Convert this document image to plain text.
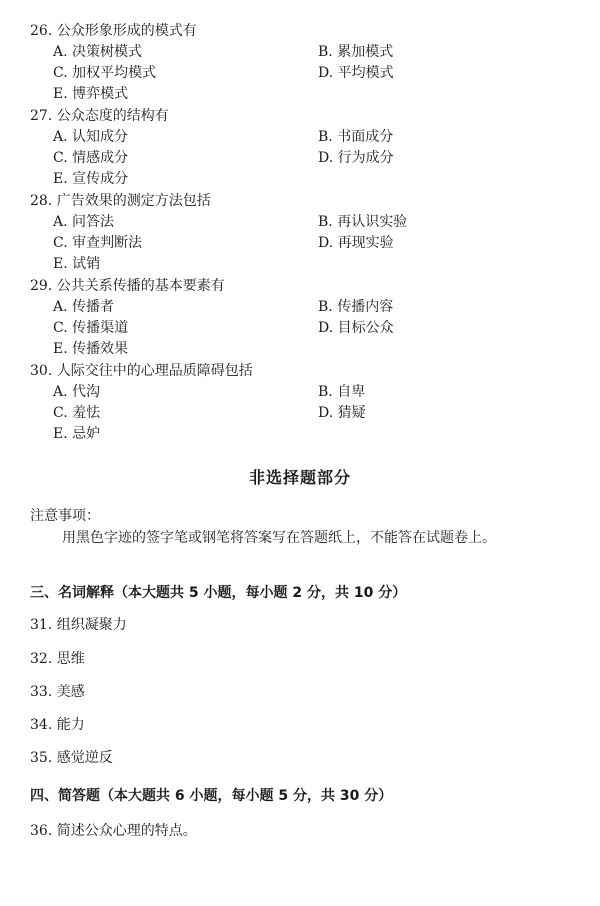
26. 公众形象形成的模式有
A. 决策树模式	B. 累加模式
C. 加权平均模式	D. 平均模式
E. 博弈模式
27. 公众态度的结构有
A. 认知成分	B. 书面成分
C. 情感成分	D. 行为成分
E. 宣传成分
28. 广告效果的测定方法包括
A. 问答法	B. 再认识实验
C. 审查判断法	D. 再现实验
E. 试销
29. 公共关系传播的基本要素有
A. 传播者	B. 传播内容
C. 传播渠道	D. 目标公众
E. 传播效果
30. 人际交往中的心理品质障碍包括
A. 代沟	B. 自卑
C. 羞怯	D. 猜疑
E. 忌妒
非选择题部分
注意事项：
用黑色字迹的签字笔或钢笔将答案写在答题纸上，不能答在试题卷上。
三、名词解释（本大题共 5 小题，每小题 2 分，共 10 分）
31. 组织凝聚力
32. 思维
33. 美感
34. 能力
35. 感觉逆反
四、简答题（本大题共 6 小题，每小题 5 分，共 30 分）
36. 简述公众心理的特点。
